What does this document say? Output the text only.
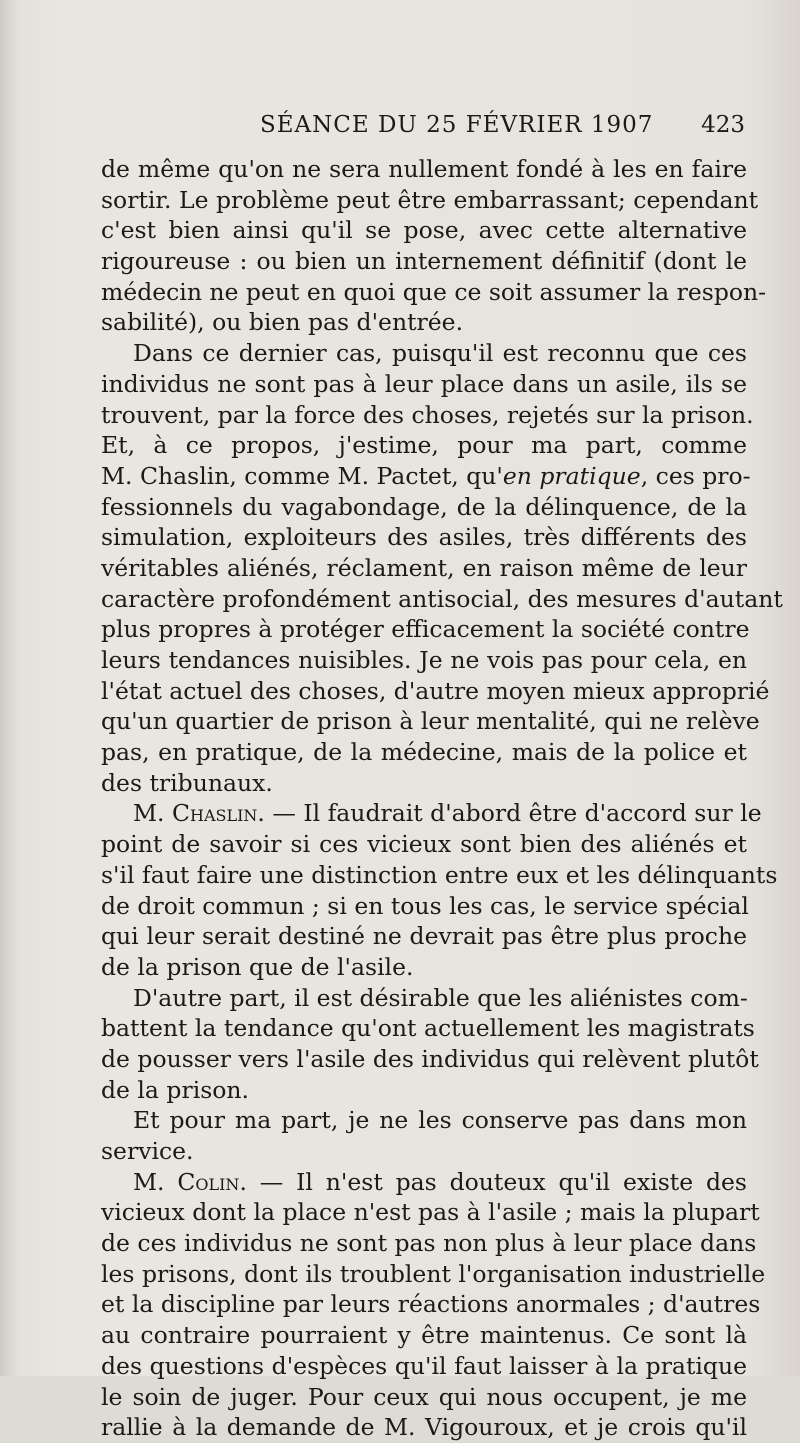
SÉANCE DU 25 FÉVRIER 1907 423
de même qu'on ne sera nullement fondé à les en faire
sortir. Le problème peut être embarrassant; cependant
c'est bien ainsi qu'il se pose, avec cette alternative
rigoureuse : ou bien un internement définitif (dont le
médecin ne peut en quoi que ce soit assumer la respon-
sabilité), ou bien pas d'entrée.
Dans ce dernier cas, puisqu'il est reconnu que ces
individus ne sont pas à leur place dans un asile, ils se
trouvent, par la force des choses, rejetés sur la prison.
Et, à ce propos, j'estime, pour ma part, comme
M. Chaslin, comme M. Pactet, qu'en pratique, ces pro-
fessionnels du vagabondage, de la délinquence, de la
simulation, exploiteurs des asiles, très différents des
véritables aliénés, réclament, en raison même de leur
caractère profondément antisocial, des mesures d'autant
plus propres à protéger efficacement la société contre
leurs tendances nuisibles. Je ne vois pas pour cela, en
l'état actuel des choses, d'autre moyen mieux approprié
qu'un quartier de prison à leur mentalité, qui ne relève
pas, en pratique, de la médecine, mais de la police et
des tribunaux.
M. Chaslin. — Il faudrait d'abord être d'accord sur le
point de savoir si ces vicieux sont bien des aliénés et
s'il faut faire une distinction entre eux et les délinquants
de droit commun ; si en tous les cas, le service spécial
qui leur serait destiné ne devrait pas être plus proche
de la prison que de l'asile.
D'autre part, il est désirable que les aliénistes com-
battent la tendance qu'ont actuellement les magistrats
de pousser vers l'asile des individus qui relèvent plutôt
de la prison.
Et pour ma part, je ne les conserve pas dans mon
service.
M. Colin. — Il n'est pas douteux qu'il existe des
vicieux dont la place n'est pas à l'asile ; mais la plupart
de ces individus ne sont pas non plus à leur place dans
les prisons, dont ils troublent l'organisation industrielle
et la discipline par leurs réactions anormales ; d'autres
au contraire pourraient y être maintenus. Ce sont là
des questions d'espèces qu'il faut laisser à la pratique
le soin de juger. Pour ceux qui nous occupent, je me
rallie à la demande de M. Vigouroux, et je crois qu'il
